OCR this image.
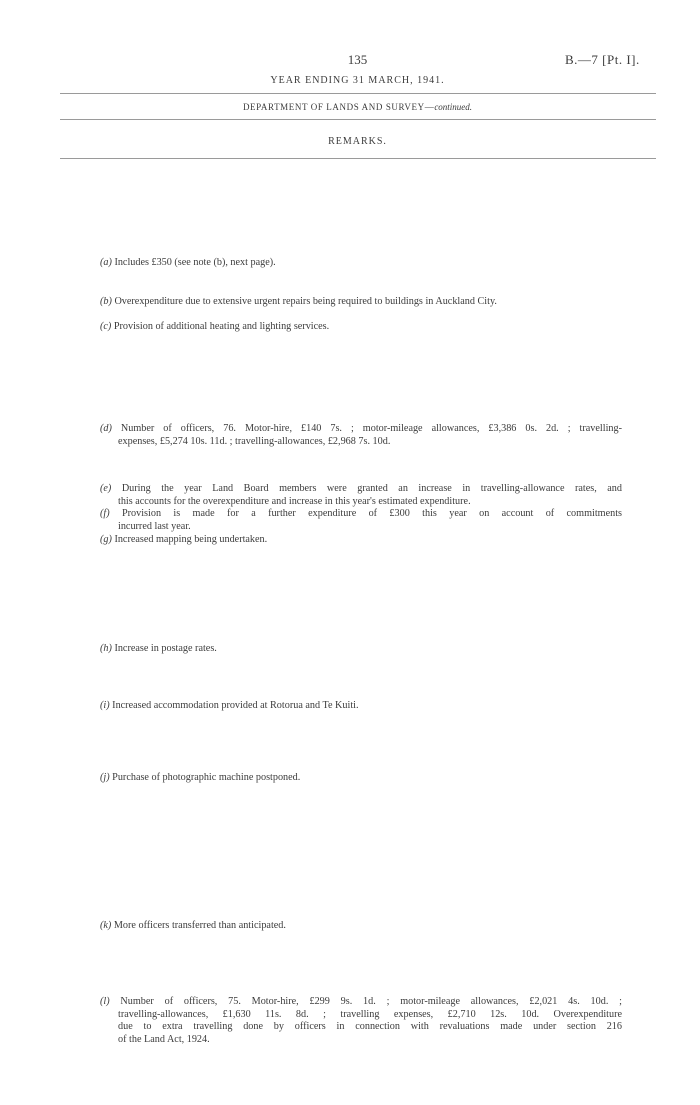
135	B.—7 [Pt. I].
YEAR ENDING 31 MARCH, 1941.
DEPARTMENT OF LANDS AND SURVEY—continued.
REMARKS.
(a) Includes £350 (see note (b), next page).
(b) Overexpenditure due to extensive urgent repairs being required to buildings in Auckland City.
(c) Provision of additional heating and lighting services.
(d) Number of officers, 76. Motor-hire, £140 7s. ; motor-mileage allowances, £3,386 0s. 2d. ; travelling-
expenses, £5,274 10s. 11d. ; travelling-allowances, £2,968 7s. 10d.
(e) During the year Land Board members were granted an increase in travelling-allowance rates, and
this accounts for the overexpenditure and increase in this year's estimated expenditure.
(f) Provision is made for a further expenditure of £300 this year on account of commitments
incurred last year.
(g) Increased mapping being undertaken.
(h) Increase in postage rates.
(i) Increased accommodation provided at Rotorua and Te Kuiti.
(j) Purchase of photographic machine postponed.
(k) More officers transferred than anticipated.
(l) Number of officers, 75. Motor-hire, £299 9s. 1d. ; motor-mileage allowances, £2,021 4s. 10d. ;
travelling-allowances, £1,630 11s. 8d. ; travelling expenses, £2,710 12s. 10d. Overexpenditure
due to extra travelling done by officers in connection with revaluations made under section 216
of the Land Act, 1924.
